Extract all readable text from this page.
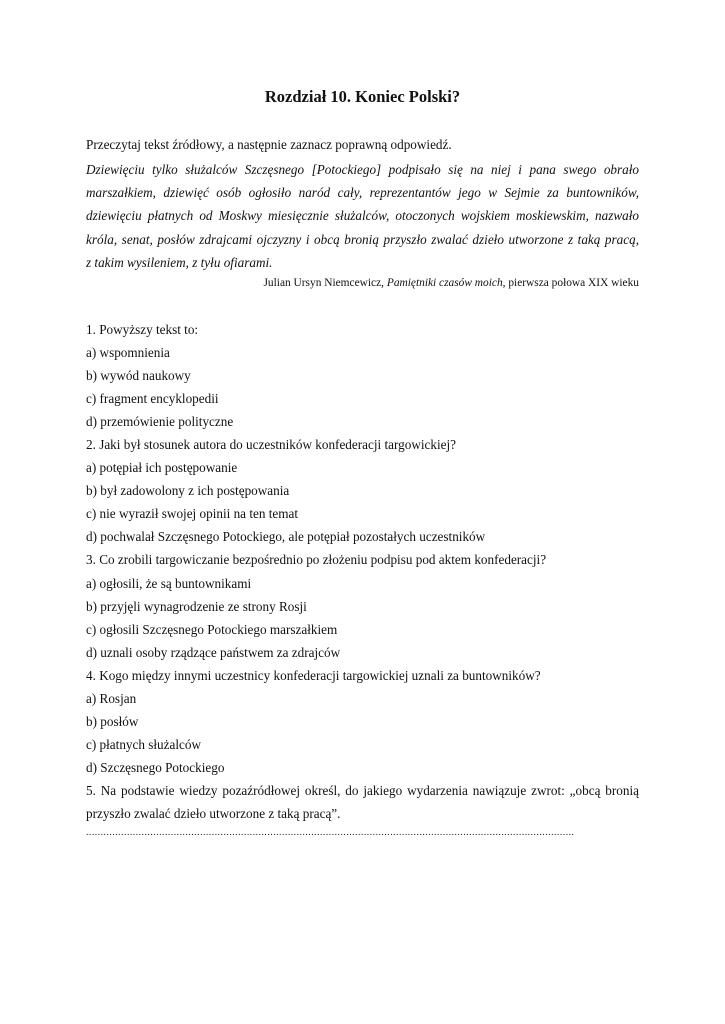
Rozdział 10. Koniec Polski?

Przeczytaj tekst źródłowy, a następnie zaznacz poprawną odpowiedź.

Dziewięciu tylko służalców Szczęsnego [Potockiego] podpisało się na niej i pana swego obrało
marszałkiem, dziewięć osób ogłosiło naród cały, reprezentantów jego w Sejmie za buntowników,
dziewięciu płatnych od Moskwy miesięcznie służalców, otoczonych wojskiem moskiewskim, nazwało
króla, senat, posłów zdrajcami ojczyzny i obcą bronią przyszło zwalać dzieło utworzone z taką pracą,
z takim wysileniem, z tyłu ofiarami.

Julian Ursyn Niemcewicz, Pamiętniki czasów moich, pierwsza połowa XIX wieku

1. Powyższy tekst to:
a) wspomnienia
b) wywód naukowy
c) fragment encyklopedii
d) przemówienie polityczne
2. Jaki był stosunek autora do uczestników konfederacji targowickiej?
a) potępiał ich postępowanie
b) był zadowolony z ich postępowania
c) nie wyraził swojej opinii na ten temat
d) pochwalał Szczęsnego Potockiego, ale potępiał pozostałych uczestników
3. Co zrobili targowiczanie bezpośrednio po złożeniu podpisu pod aktem konfederacji?
a) ogłosili, że są buntownikami
b) przyjęli wynagrodzenie ze strony Rosji
c) ogłosili Szczęsnego Potockiego marszałkiem
d) uznali osoby rządzące państwem za zdrajców
4. Kogo między innymi uczestnicy konfederacji targowickiej uznali za buntowników?
a) Rosjan
b) posłów
c) płatnych służalców
d) Szczęsnego Potockiego
5. Na podstawie wiedzy pozaźródłowej określ, do jakiego wydarzenia nawiązuje zwrot: „obcą bronią
przyszło zwalać dzieło utworzone z taką pracą”.
.......................................................................................................................................................................
